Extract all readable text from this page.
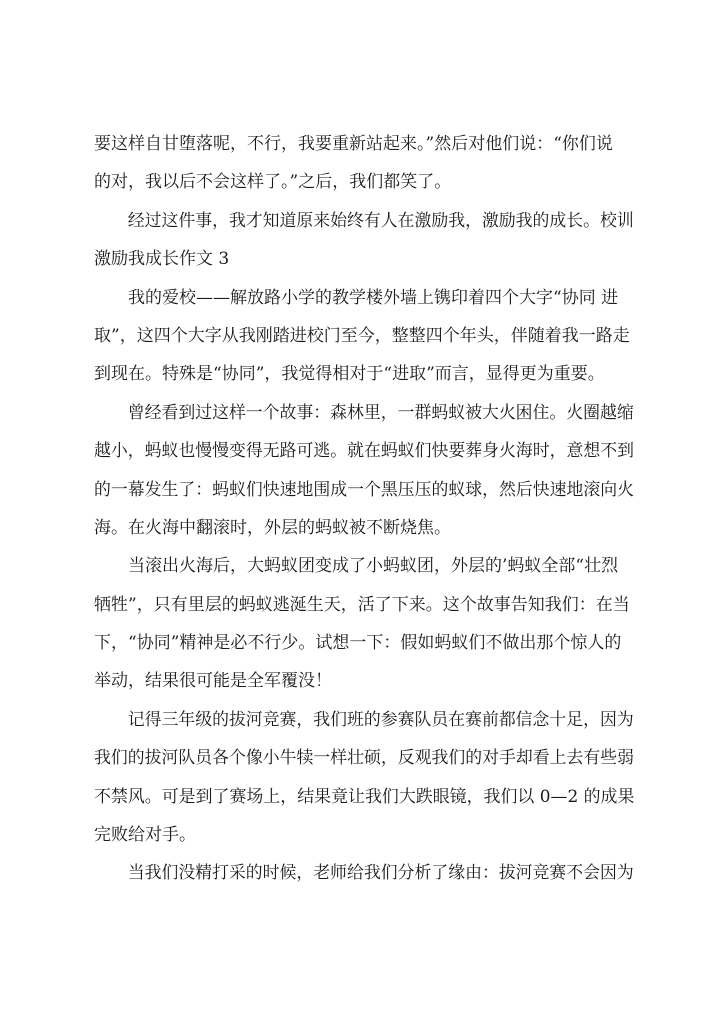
要这样自甘堕落呢，不行，我要重新站起来。”然后对他们说：“你们说
的对，我以后不会这样了。”之后，我们都笑了。
经过这件事，我才知道原来始终有人在激励我，激励我的成长。校训
激励我成长作文 3
我的爱校——解放路小学的教学楼外墙上镌印着四个大字“协同 进
取”，这四个大字从我刚踏进校门至今，整整四个年头，伴随着我一路走
到现在。特殊是“协同”，我觉得相对于“进取”而言，显得更为重要。
曾经看到过这样一个故事：森林里，一群蚂蚁被大火困住。火圈越缩
越小，蚂蚁也慢慢变得无路可逃。就在蚂蚁们快要葬身火海时，意想不到
的一幕发生了：蚂蚁们快速地围成一个黑压压的蚁球，然后快速地滚向火
海。在火海中翻滚时，外层的蚂蚁被不断烧焦。
当滚出火海后，大蚂蚁团变成了小蚂蚁团，外层的’蚂蚁全部“壮烈
牺牲”，只有里层的蚂蚁逃涎生天，活了下来。这个故事告知我们：在当
下，“协同”精神是必不行少。试想一下：假如蚂蚁们不做出那个惊人的
举动，结果很可能是全军覆没！
记得三年级的拔河竞赛，我们班的参赛队员在赛前都信念十足，因为
我们的拔河队员各个像小牛犊一样壮硕，反观我们的对手却看上去有些弱
不禁风。可是到了赛场上，结果竟让我们大跌眼镜，我们以 0—2 的成果
完败给对手。
当我们没精打采的时候，老师给我们分析了缘由：拔河竞赛不会因为
